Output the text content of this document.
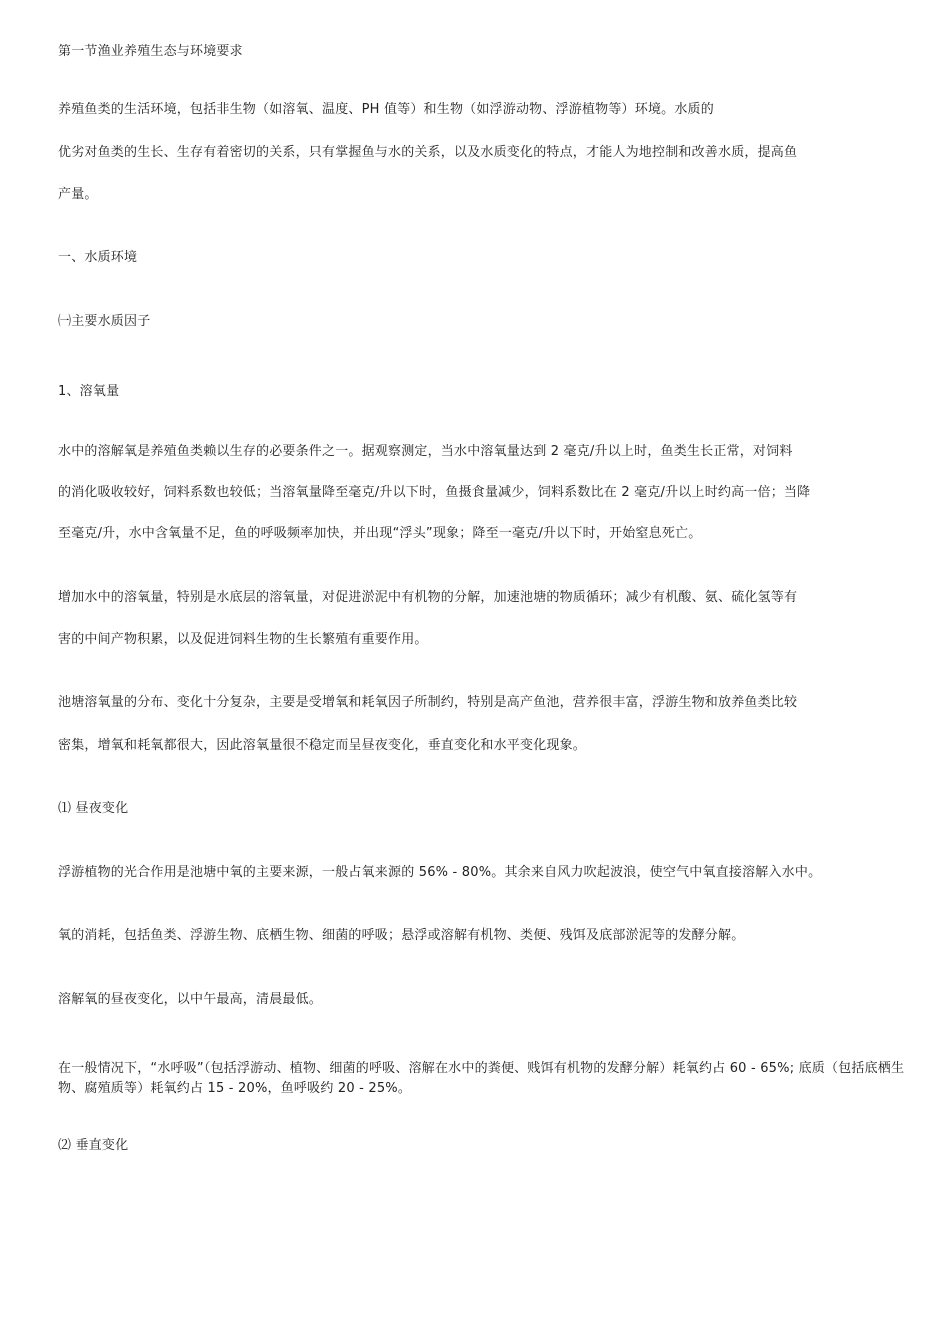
第一节渔业养殖生态与环境要求

养殖鱼类的生活环境，包括非生物（如溶氧、温度、PH 值等）和生物（如浮游动物、浮游植物等）环境。水质的

优劣对鱼类的生长、生存有着密切的关系，只有掌握鱼与水的关系，以及水质变化的特点，才能人为地控制和改善水质，提高鱼

产量。

一、水质环境

㈠主要水质因子

1、溶氧量

水中的溶解氧是养殖鱼类赖以生存的必要条件之一。据观察测定，当水中溶氧量达到 2 毫克/升以上时，鱼类生长正常，对饲料

的消化吸收较好，饲料系数也较低；当溶氧量降至毫克/升以下时，鱼摄食量减少，饲料系数比在 2 毫克/升以上时约高一倍；当降

至毫克/升，水中含氧量不足，鱼的呼吸频率加快，并出现“浮头”现象；降至一毫克/升以下时，开始窒息死亡。

增加水中的溶氧量，特别是水底层的溶氧量，对促进淤泥中有机物的分解，加速池塘的物质循环；减少有机酸、氨、硫化氢等有

害的中间产物积累，以及促进饲料生物的生长繁殖有重要作用。

池塘溶氧量的分布、变化十分复杂，主要是受增氧和耗氧因子所制约，特别是高产鱼池，营养很丰富，浮游生物和放养鱼类比较

密集，增氧和耗氧都很大，因此溶氧量很不稳定而呈昼夜变化，垂直变化和水平变化现象。

⑴ 昼夜变化

浮游植物的光合作用是池塘中氧的主要来源，一般占氧来源的 56% - 80%。其余来自风力吹起波浪，使空气中氧直接溶解入水中。

氧的消耗，包括鱼类、浮游生物、底栖生物、细菌的呼吸；悬浮或溶解有机物、类便、残饵及底部淤泥等的发酵分解。

溶解氧的昼夜变化，以中午最高，清晨最低。

在一般情况下，“水呼吸”（包括浮游动、植物、细菌的呼吸、溶解在水中的粪便、贱饵有机物的发酵分解）耗氧约占 60 - 65%; 底质（包括底栖生物、腐殖质等）耗氧约占 15 - 20%，鱼呼吸约 20 - 25%。

⑵ 垂直变化
